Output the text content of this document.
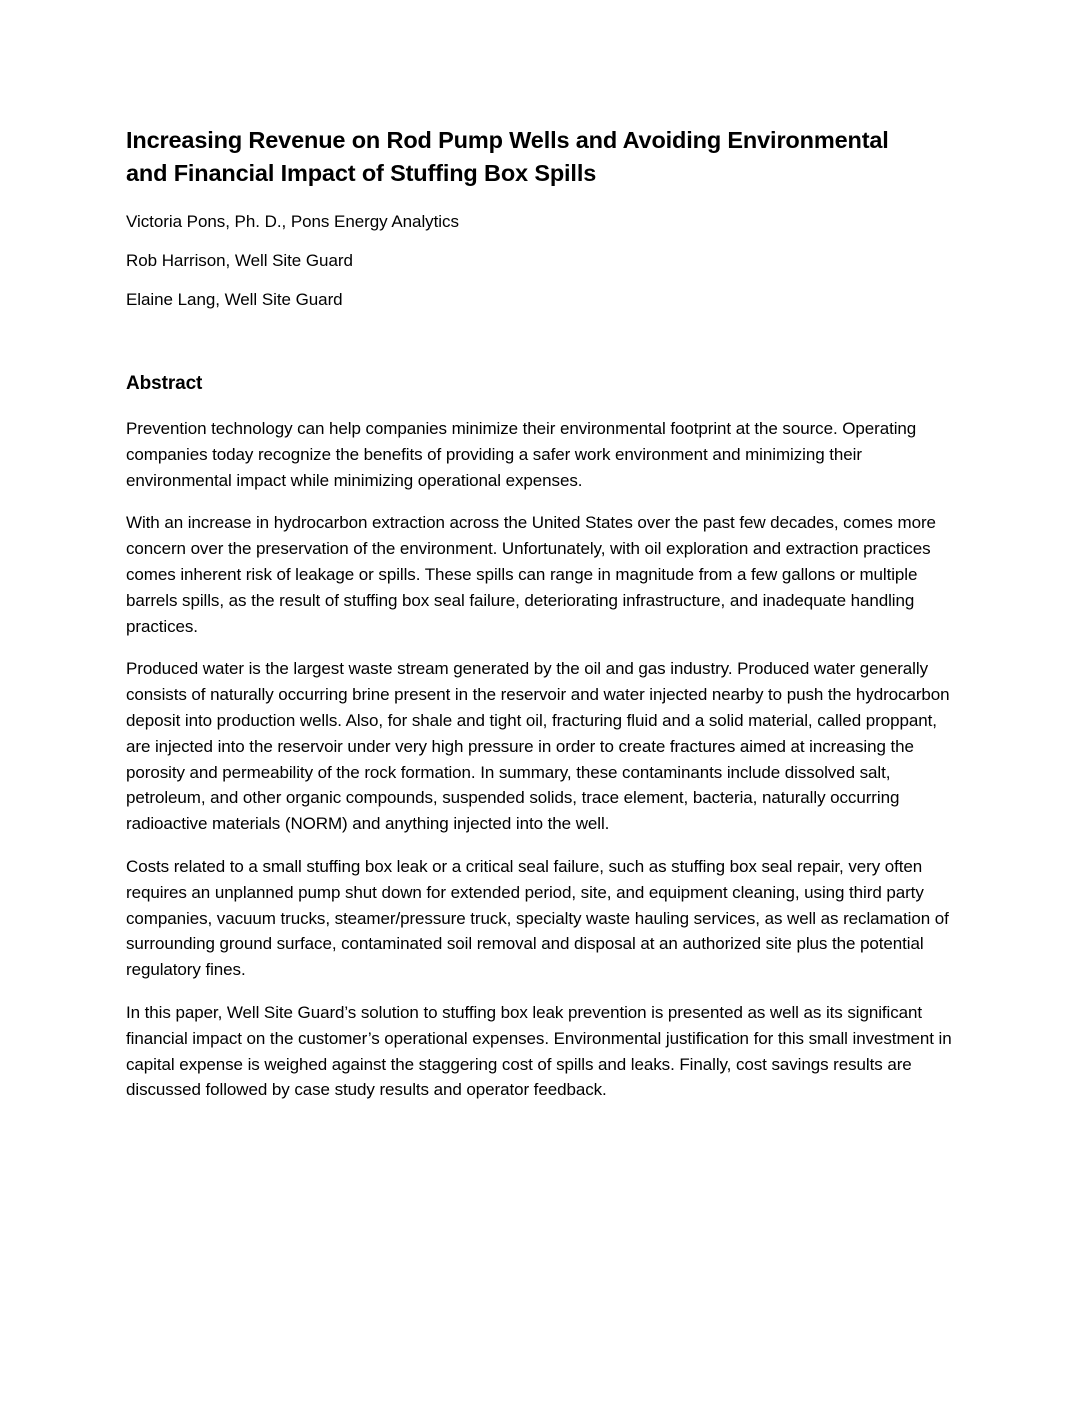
Increasing Revenue on Rod Pump Wells and Avoiding Environmental and Financial Impact of Stuffing Box Spills

Victoria Pons, Ph. D., Pons Energy Analytics

Rob Harrison, Well Site Guard

Elaine Lang, Well Site Guard

Abstract

Prevention technology can help companies minimize their environmental footprint at the source. Operating companies today recognize the benefits of providing a safer work environment and minimizing their environmental impact while minimizing operational expenses.

With an increase in hydrocarbon extraction across the United States over the past few decades, comes more concern over the preservation of the environment. Unfortunately, with oil exploration and extraction practices comes inherent risk of leakage or spills. These spills can range in magnitude from a few gallons or multiple barrels spills, as the result of stuffing box seal failure, deteriorating infrastructure, and inadequate handling practices.

Produced water is the largest waste stream generated by the oil and gas industry. Produced water generally consists of naturally occurring brine present in the reservoir and water injected nearby to push the hydrocarbon deposit into production wells. Also, for shale and tight oil, fracturing fluid and a solid material, called proppant, are injected into the reservoir under very high pressure in order to create fractures aimed at increasing the porosity and permeability of the rock formation. In summary, these contaminants include dissolved salt, petroleum, and other organic compounds, suspended solids, trace element, bacteria, naturally occurring radioactive materials (NORM) and anything injected into the well.

Costs related to a small stuffing box leak or a critical seal failure, such as stuffing box seal repair, very often requires an unplanned pump shut down for extended period, site, and equipment cleaning, using third party companies, vacuum trucks, steamer/pressure truck, specialty waste hauling services, as well as reclamation of surrounding ground surface, contaminated soil removal and disposal at an authorized site plus the potential regulatory fines.

In this paper, Well Site Guard’s solution to stuffing box leak prevention is presented as well as its significant financial impact on the customer’s operational expenses. Environmental justification for this small investment in capital expense is weighed against the staggering cost of spills and leaks. Finally, cost savings results are discussed followed by case study results and operator feedback.
